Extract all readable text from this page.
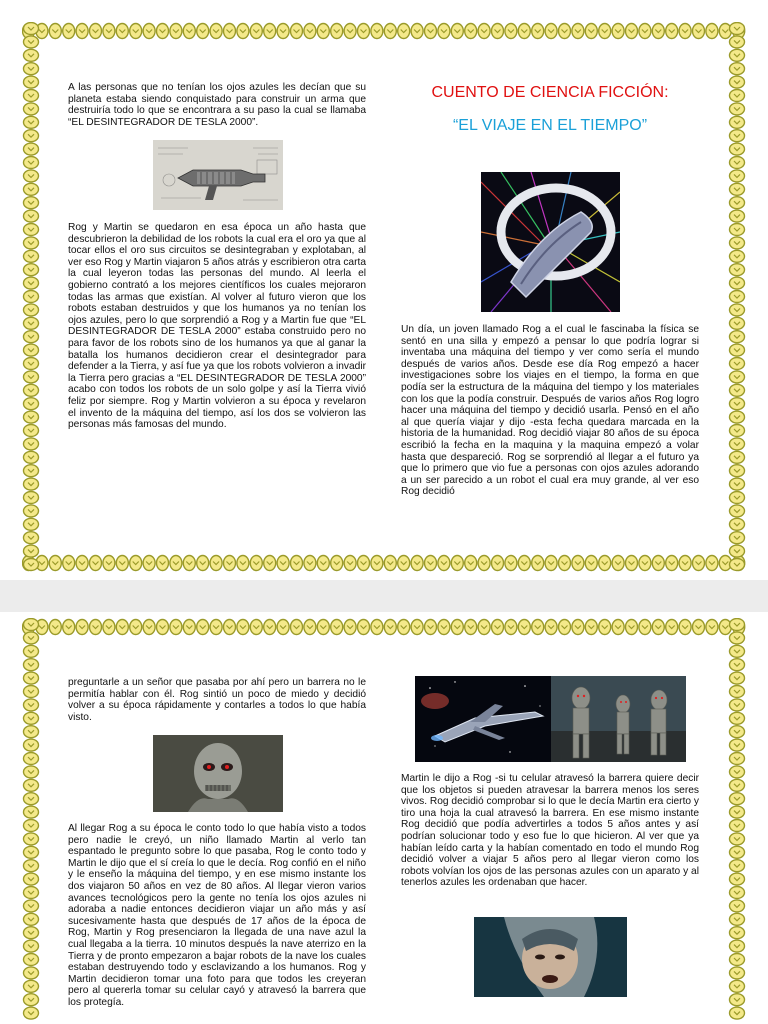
A las personas que no tenían los ojos azules les decían que su planeta estaba siendo conquistado para construir un arma que destruiría todo lo que se encontrara a su paso la cual se llamaba “EL DESINTEGRADOR DE TESLA 2000”.
Rog y Martin se quedaron en esa época un año hasta que descubrieron la debilidad de los robots la cual era el oro ya que al tocar ellos el oro sus circuitos se desintegraban y explotaban, al ver eso Rog y Martin viajaron 5 años atrás y escribieron otra carta la cual leyeron todas las personas del mundo. Al leerla el gobierno contrató a los mejores científicos los cuales mejoraron todas las armas que existían. Al volver al futuro vieron que los robots estaban destruidos y que los humanos ya no tenían los ojos azules, pero lo que sorprendió a Rog y a Martin fue que “EL DESINTEGRADOR DE TESLA 2000” estaba construido pero no para favor de los robots sino de los humanos ya que al ganar la batalla los humanos decidieron crear el desintegrador para defender a la Tierra, y así fue ya que los robots volvieron a invadir la Tierra pero gracias a “EL DESINTEGRADOR DE TESLA 2000” acabo con todos los robots de un solo golpe y así la Tierra vivió feliz por siempre. Rog y Martin volvieron a su época y revelaron el invento de la máquina del tiempo, así los dos se volvieron las personas más famosas del mundo.
CUENTO DE CIENCIA FICCIÓN:
“EL VIAJE EN EL TIEMPO”
Un día, un joven llamado Rog a el cual le fascinaba la física se sentó en una silla y empezó a pensar lo que podría lograr si inventaba una máquina del tiempo y ver como sería el mundo después de varios años. Desde ese día Rog empezó a hacer investigaciones sobre los viajes en el tiempo, la forma en que podía ser la estructura de la máquina del tiempo y los materiales con los que la podía construir. Después de varios años Rog logro hacer una máquina del tiempo y decidió usarla. Pensó en el año al que quería viajar y dijo -esta fecha quedara marcada en la historia de la humanidad. Rog decidió viajar 80 años de su época escribió la fecha en la maquina y la maquina empezó a volar hasta que despareció. Rog se sorprendió al llegar a el futuro ya que lo primero que vio fue a personas con ojos azules adorando a un ser parecido a un robot el cual era muy grande, al ver eso Rog decidió
preguntarle a un señor que pasaba por ahí pero un barrera no le permitía hablar con él. Rog sintió un poco de miedo y decidió volver a su época rápidamente y contarles a todos lo que había visto.
Al llegar Rog a su época le conto todo lo que había visto a todos pero nadie le creyó, un niño llamado Martin al verlo tan espantado le pregunto sobre lo que pasaba, Rog le conto todo y Martin le dijo que el sí creía lo que le decía. Rog confió en el niño y le enseño la máquina del tiempo, y en ese mismo instante los dos viajaron 50 años en vez de 80 años. Al llegar vieron varios avances tecnológicos pero la gente no tenía los ojos azules ni adoraba a nadie entonces decidieron viajar un año más y así sucesivamente hasta que después de 17 años de la época de Rog, Martin y Rog presenciaron la llegada de una nave azul la cual llegaba a la tierra. 10 minutos después la nave aterrizo en la Tierra y de pronto empezaron a bajar robots de la nave los cuales estaban destruyendo todo y esclavizando a los humanos. Rog y Martin decidieron tomar una foto para que todos les creyeran pero al quererla tomar su celular cayó y atravesó la barrera que los protegía.
Martin le dijo a Rog -si tu celular atravesó la barrera quiere decir que los objetos si pueden atravesar la barrera menos los seres vivos. Rog decidió comprobar si lo que le decía Martin era cierto y tiro una hoja la cual atravesó la barrera. En ese mismo instante Rog decidió que podía advertirles a todos 5 años antes y así podrían solucionar todo y eso fue lo que hicieron. Al ver que ya habían leído carta y la habían comentado en todo el mundo Rog decidió volver a viajar 5 años pero al llegar vieron como los robots volvían los ojos de las personas azules con un aparato y al tenerlos azules les ordenaban que hacer.
